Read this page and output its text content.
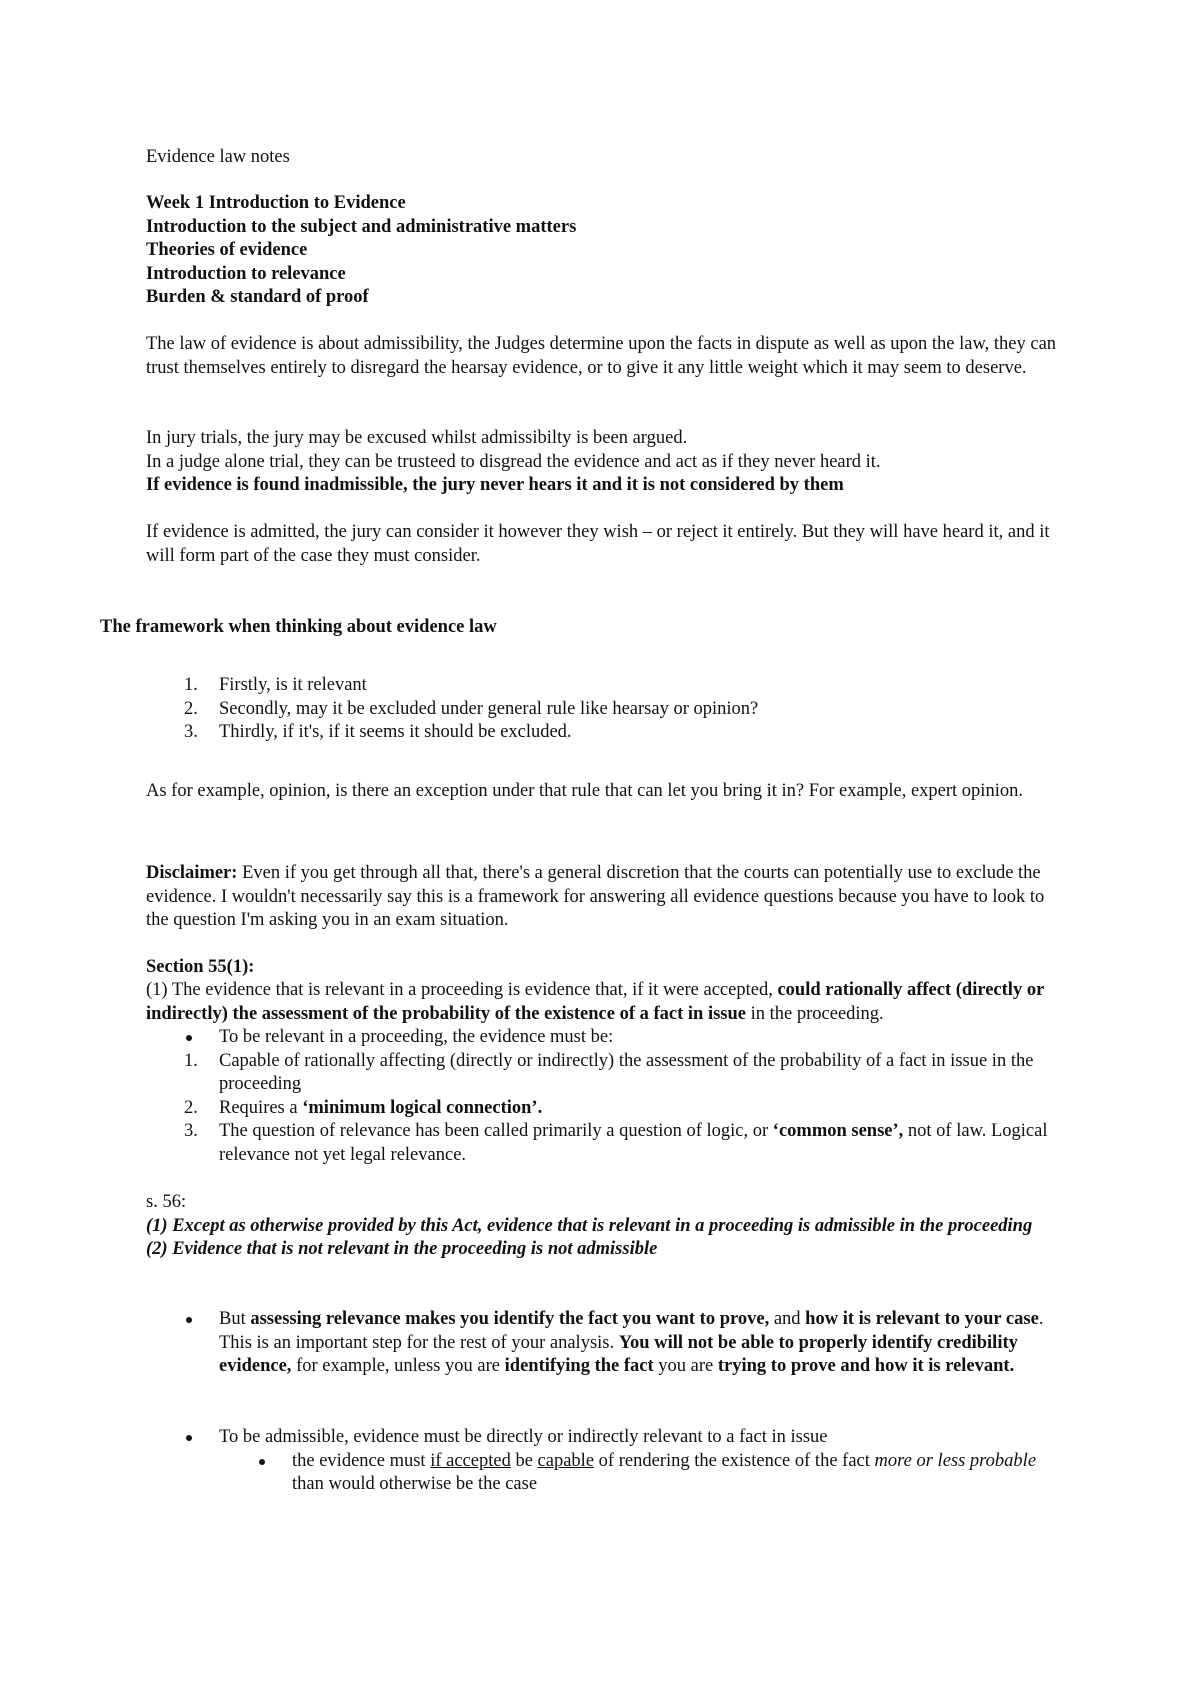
Evidence law notes

Week 1 Introduction to Evidence

Introduction to the subject and administrative matters

Theories of evidence

Introduction to relevance

Burden & standard of proof

The law of evidence is about admissibility, the Judges determine upon the facts in dispute as well as upon the law, they can trust themselves entirely to disregard the hearsay evidence, or to give it any little weight which it may seem to deserve.

In jury trials, the jury may be excused whilst admissibilty is been argued.

In a judge alone trial, they can be trusteed to disgread the evidence and act as if they never heard it.

If evidence is found inadmissible, the jury never hears it and it is not considered by them

If evidence is admitted, the jury can consider it however they wish – or reject it entirely. But they will have heard it, and it will form part of the case they must consider.

The framework when thinking about evidence law

1.	Firstly, is it relevant
2.	Secondly, may it be excluded under general rule like hearsay or opinion?
3.	Thirdly, if it's, if it seems it should be excluded.

As for example, opinion, is there an exception under that rule that can let you bring it in? For example, expert opinion.

Disclaimer: Even if you get through all that, there's a general discretion that the courts can potentially use to exclude the evidence. I wouldn't necessarily say this is a framework for answering all evidence questions because you have to look to the question I'm asking you in an exam situation.

Section 55(1):

(1) The evidence that is relevant in a proceeding is evidence that, if it were accepted, could rationally affect (directly or indirectly) the assessment of the probability of the existence of a fact in issue in the proceeding.

To be relevant in a proceeding, the evidence must be:
1.	Capable of rationally affecting (directly or indirectly) the assessment of the probability of a fact in issue in the proceeding
2.	Requires a ‘minimum logical connection’.
3.	The question of relevance has been called primarily a question of logic, or ‘common sense’, not of law. Logical relevance not yet legal relevance.

s. 56:

(1) Except as otherwise provided by this Act, evidence that is relevant in a proceeding is admissible in the proceeding

(2) Evidence that is not relevant in the proceeding is not admissible

But assessing relevance makes you identify the fact you want to prove, and how it is relevant to your case. This is an important step for the rest of your analysis. You will not be able to properly identify credibility evidence, for example, unless you are identifying the fact you are trying to prove and how it is relevant.
To be admissible, evidence must be directly or indirectly relevant to a fact in issue
the evidence must if accepted be capable of rendering the existence of the fact more or less probable than would otherwise be the case
